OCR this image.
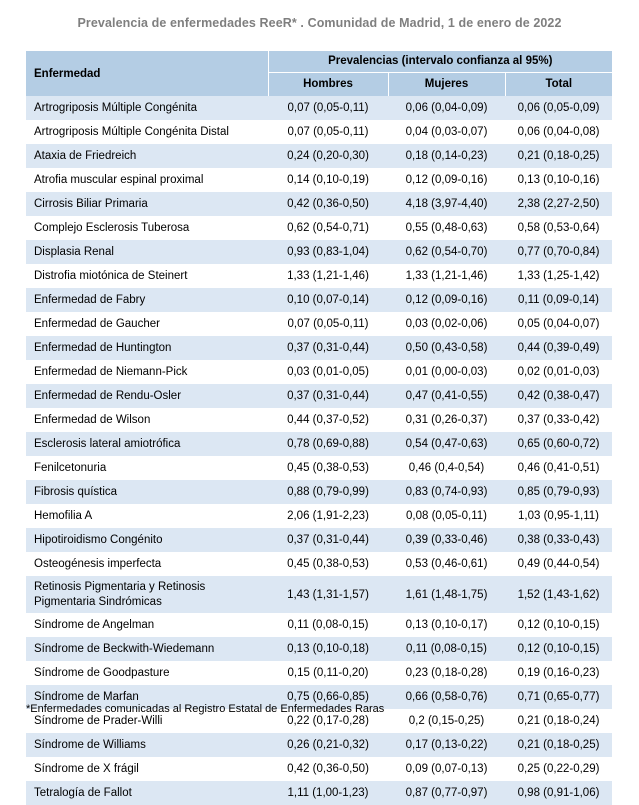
Prevalencia de enfermedades ReeR* . Comunidad de Madrid, 1 de enero de 2022
Enfermedad	Prevalencias (intervalo confianza al 95%)		
	Hombres	Mujeres	Total
Artrogriposis Múltiple Congénita	0,07 (0,05-0,11)	0,06 (0,04-0,09)	0,06 (0,05-0,09)
Artrogriposis Múltiple Congénita Distal	0,07 (0,05-0,11)	0,04 (0,03-0,07)	0,06 (0,04-0,08)
Ataxia de Friedreich	0,24 (0,20-0,30)	0,18 (0,14-0,23)	0,21 (0,18-0,25)
Atrofia muscular espinal proximal	0,14 (0,10-0,19)	0,12 (0,09-0,16)	0,13 (0,10-0,16)
Cirrosis Biliar Primaria	0,42 (0,36-0,50)	4,18 (3,97-4,40)	2,38 (2,27-2,50)
Complejo Esclerosis Tuberosa	0,62 (0,54-0,71)	0,55 (0,48-0,63)	0,58 (0,53-0,64)
Displasia Renal	0,93 (0,83-1,04)	0,62 (0,54-0,70)	0,77 (0,70-0,84)
Distrofia miotónica de Steinert	1,33 (1,21-1,46)	1,33 (1,21-1,46)	1,33 (1,25-1,42)
Enfermedad de Fabry	0,10 (0,07-0,14)	0,12 (0,09-0,16)	0,11 (0,09-0,14)
Enfermedad de Gaucher	0,07 (0,05-0,11)	0,03 (0,02-0,06)	0,05 (0,04-0,07)
Enfermedad de Huntington	0,37 (0,31-0,44)	0,50 (0,43-0,58)	0,44 (0,39-0,49)
Enfermedad de Niemann-Pick	0,03 (0,01-0,05)	0,01 (0,00-0,03)	0,02 (0,01-0,03)
Enfermedad de Rendu-Osler	0,37 (0,31-0,44)	0,47 (0,41-0,55)	0,42 (0,38-0,47)
Enfermedad de Wilson	0,44 (0,37-0,52)	0,31 (0,26-0,37)	0,37 (0,33-0,42)
Esclerosis lateral amiotrófica	0,78 (0,69-0,88)	0,54 (0,47-0,63)	0,65 (0,60-0,72)
Fenilcetonuria	0,45 (0,38-0,53)	0,46 (0,4-0,54)	0,46 (0,41-0,51)
Fibrosis quística	0,88 (0,79-0,99)	0,83 (0,74-0,93)	0,85 (0,79-0,93)
Hemofilia A	2,06 (1,91-2,23)	0,08 (0,05-0,11)	1,03 (0,95-1,11)
Hipotiroidismo Congénito	0,37 (0,31-0,44)	0,39 (0,33-0,46)	0,38 (0,33-0,43)
Osteogénesis imperfecta	0,45 (0,38-0,53)	0,53 (0,46-0,61)	0,49 (0,44-0,54)
Retinosis Pigmentaria y Retinosis
Pigmentaria Sindrómicas	1,43 (1,31-1,57)	1,61 (1,48-1,75)	1,52 (1,43-1,62)
Síndrome de Angelman	0,11 (0,08-0,15)	0,13 (0,10-0,17)	0,12 (0,10-0,15)
Síndrome de Beckwith-Wiedemann	0,13 (0,10-0,18)	0,11 (0,08-0,15)	0,12 (0,10-0,15)
Síndrome de Goodpasture	0,15 (0,11-0,20)	0,23 (0,18-0,28)	0,19 (0,16-0,23)
Síndrome de Marfan	0,75 (0,66-0,85)	0,66 (0,58-0,76)	0,71 (0,65-0,77)
Síndrome de Prader-Willi	0,22 (0,17-0,28)	0,2 (0,15-0,25)	0,21 (0,18-0,24)
Síndrome de Williams	0,26 (0,21-0,32)	0,17 (0,13-0,22)	0,21 (0,18-0,25)
Síndrome de X frágil	0,42 (0,36-0,50)	0,09 (0,07-0,13)	0,25 (0,22-0,29)
Tetralogía de Fallot	1,11 (1,00-1,23)	0,87 (0,77-0,97)	0,98 (0,91-1,06)
*Enfermedades comunicadas al Registro Estatal de Enfermedades Raras
